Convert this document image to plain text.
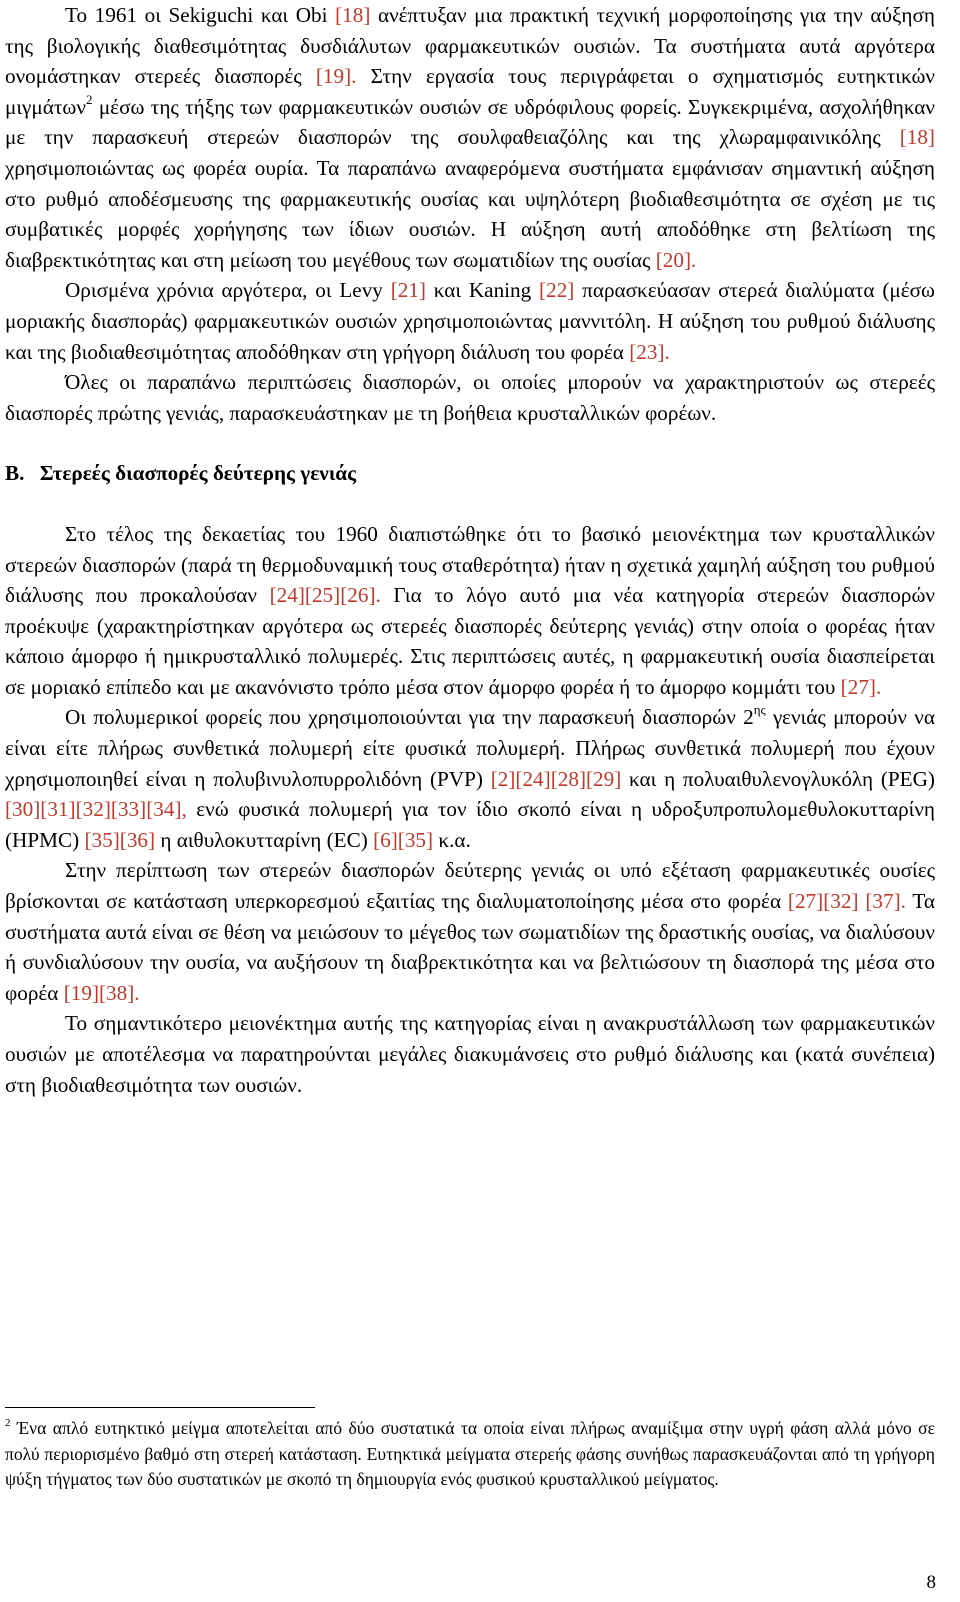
Το 1961 οι Sekiguchi και Obi [18] ανέπτυξαν μια πρακτική τεχνική μορφοποίησης για την αύξηση της βιολογικής διαθεσιμότητας δυσδιάλυτων φαρμακευτικών ουσιών. Τα συστήματα αυτά αργότερα ονομάστηκαν στερεές διασπορές [19]. Στην εργασία τους περιγράφεται ο σχηματισμός ευτηκτικών μιγμάτων$^2$ μέσω της τήξης των φαρμακευτικών ουσιών σε υδρόφιλους φορείς. Συγκεκριμένα, ασχολήθηκαν με την παρασκευή στερεών διασπορών της σουλφαθειαζόλης και της χλωραμφαινικόλης [18] χρησιμοποιώντας ως φορέα ουρία. Τα παραπάνω αναφερόμενα συστήματα εμφάνισαν σημαντική αύξηση στο ρυθμό αποδέσμευσης της φαρμακευτικής ουσίας και υψηλότερη βιοδιαθεσιμότητα σε σχέση με τις συμβατικές μορφές χορήγησης των ίδιων ουσιών. Η αύξηση αυτή αποδόθηκε στη βελτίωση της διαβρεκτικότητας και στη μείωση του μεγέθους των σωματιδίων της ουσίας [20].

Ορισμένα χρόνια αργότερα, οι Levy [21] και Kaning [22] παρασκεύασαν στερεά διαλύματα (μέσω μοριακής διασποράς) φαρμακευτικών ουσιών χρησιμοποιώντας μαννιτόλη. Η αύξηση του ρυθμού διάλυσης και της βιοδιαθεσιμότητας αποδόθηκαν στη γρήγορη διάλυση του φορέα [23].

Όλες οι παραπάνω περιπτώσεις διασπορών, οι οποίες μπορούν να χαρακτηριστούν ως στερεές διασπορές πρώτης γενιάς, παρασκευάστηκαν με τη βοήθεια κρυσταλλικών φορέων.

Β. Στερεές διασπορές δεύτερης γενιάς

Στο τέλος της δεκαετίας του 1960 διαπιστώθηκε ότι το βασικό μειονέκτημα των κρυσταλλικών στερεών διασπορών (παρά τη θερμοδυναμική τους σταθερότητα) ήταν η σχετικά χαμηλή αύξηση του ρυθμού διάλυσης που προκαλούσαν [24][25][26]. Για το λόγο αυτό μια νέα κατηγορία στερεών διασπορών προέκυψε (χαρακτηρίστηκαν αργότερα ως στερεές διασπορές δεύτερης γενιάς) στην οποία ο φορέας ήταν κάποιο άμορφο ή ημικρυσταλλικό πολυμερές. Στις περιπτώσεις αυτές, η φαρμακευτική ουσία διασπείρεται σε μοριακό επίπεδο και με ακανόνιστο τρόπο μέσα στον άμορφο φορέα ή το άμορφο κομμάτι του [27].

Οι πολυμερικοί φορείς που χρησιμοποιούνται για την παρασκευή διασπορών $2^{\eta\varsigma}$ γενιάς μπορούν να είναι είτε πλήρως συνθετικά πολυμερή είτε φυσικά πολυμερή. Πλήρως συνθετικά πολυμερή που έχουν χρησιμοποιηθεί είναι η πολυβινυλοπυρρολιδόνη (PVP) [2][24][28][29] και η πολυαιθυλενογλυκόλη (PEG) [30][31][32][33][34], ενώ φυσικά πολυμερή για τον ίδιο σκοπό είναι η υδροξυπροπυλομεθυλοκυτταρίνη (HPMC) [35][36] η αιθυλοκυτταρίνη (EC) [6][35] κ.α.

Στην περίπτωση των στερεών διασπορών δεύτερης γενιάς οι υπό εξέταση φαρμακευτικές ουσίες βρίσκονται σε κατάσταση υπερκορεσμού εξαιτίας της διαλυματοποίησης μέσα στο φορέα [27][32] [37]. Τα συστήματα αυτά είναι σε θέση να μειώσουν το μέγεθος των σωματιδίων της δραστικής ουσίας, να διαλύσουν ή συνδιαλύσουν την ουσία, να αυξήσουν τη διαβρεκτικότητα και να βελτιώσουν τη διασπορά της μέσα στο φορέα [19][38].

Το σημαντικότερο μειονέκτημα αυτής της κατηγορίας είναι η ανακρυστάλλωση των φαρμακευτικών ουσιών με αποτέλεσμα να παρατηρούνται μεγάλες διακυμάνσεις στο ρυθμό διάλυσης και (κατά συνέπεια) στη βιοδιαθεσιμότητα των ουσιών.

$^2$ Ένα απλό ευτηκτικό μείγμα αποτελείται από δύο συστατικά τα οποία είναι πλήρως αναμίξιμα στην υγρή φάση αλλά μόνο σε πολύ περιορισμένο βαθμό στη στερεή κατάσταση. Ευτηκτικά μείγματα στερεής φάσης συνήθως παρασκευάζονται από τη γρήγορη ψύξη τήγματος των δύο συστατικών με σκοπό τη δημιουργία ενός φυσικού κρυσταλλικού μείγματος.
8
